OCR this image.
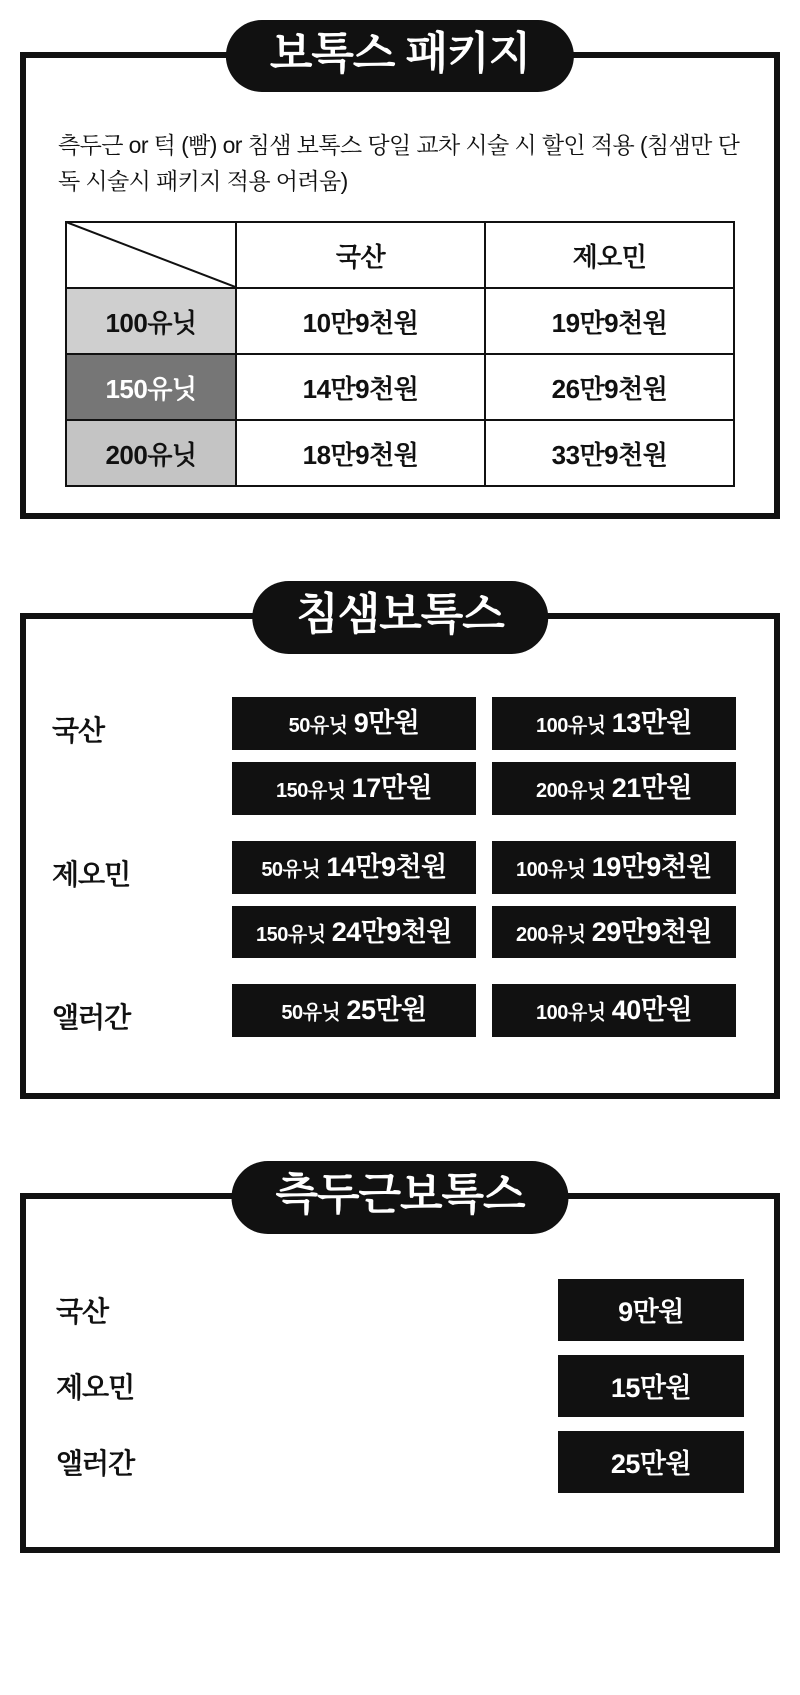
보톡스 패키지

측두근 or 턱 (빰) or 침샘 보톡스 당일 교차 시술 시 할인 적용 (침샘만 단독 시술시 패키지 적용 어려움)

	국산	제오민
100유닛	10만9천원	19만9천원
150유닛	14만9천원	26만9천원
200유닛	18만9천원	33만9천원
침샘보톡스
국산	50유닛 9만원	100유닛 13만원
150유닛 17만원	200유닛 21만원
제오민	50유닛 14만9천원	100유닛 19만9천원
150유닛 24만9천원	200유닛 29만9천원
앨러간	50유닛 25만원	100유닛 40만원
측두근보톡스
국산	9만원
제오민	15만원
앨러간	25만원
